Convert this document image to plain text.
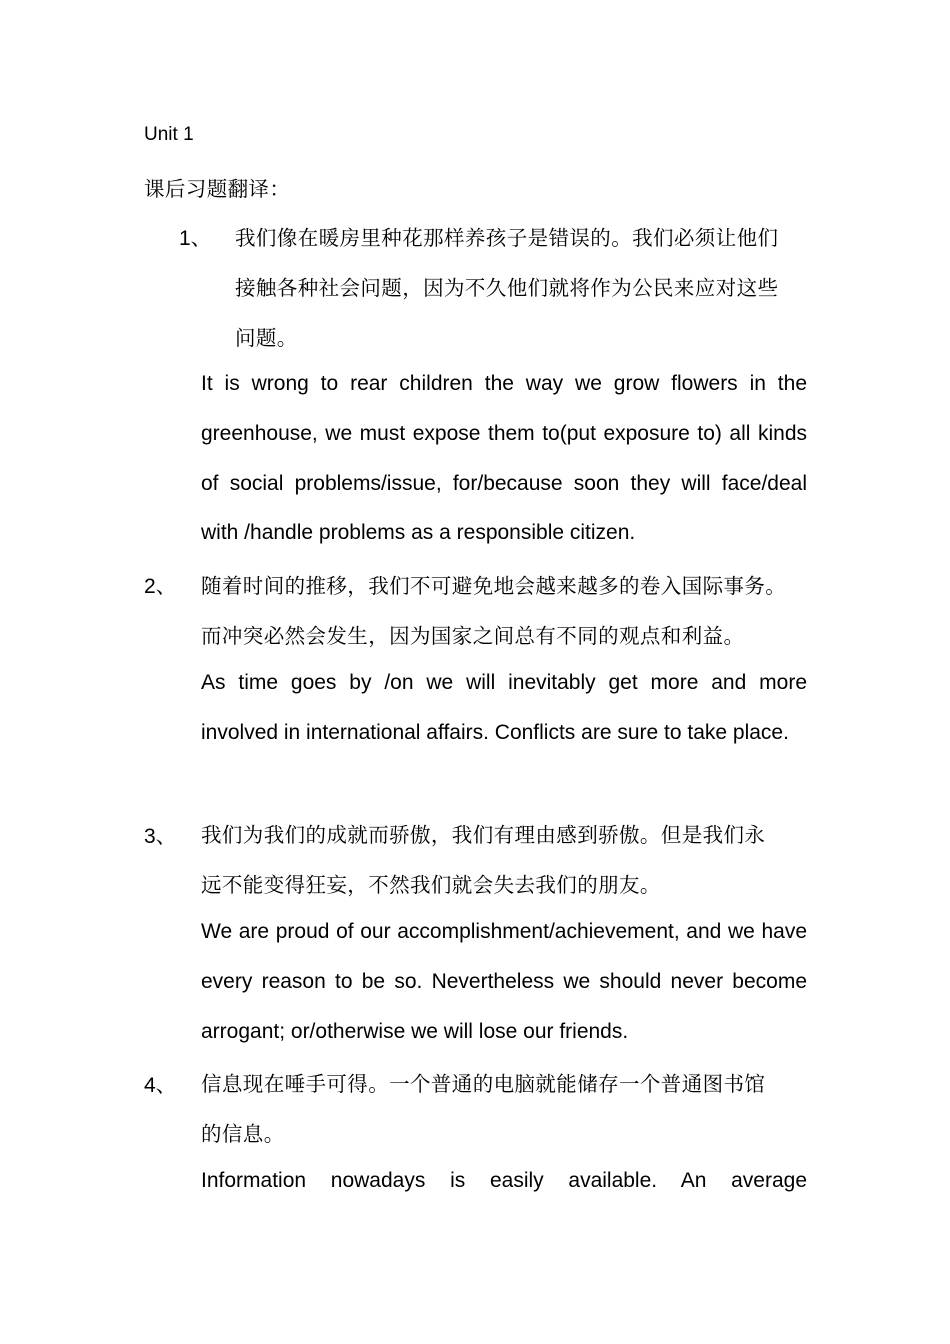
Unit 1

课后习题翻译：

1、 我们像在暖房里种花那样养孩子是错误的。我们必须让他们

接触各种社会问题，因为不久他们就将作为公民来应对这些

问题。

It is wrong to rear children the way we grow flowers in the greenhouse, we must expose them to(put exposure to) all kinds of social problems/issue, for/because soon they will face/deal with /handle problems as a responsible citizen.

2、 随着时间的推移，我们不可避免地会越来越多的卷入国际事务。

而冲突必然会发生，因为国家之间总有不同的观点和利益。

As time goes by /on we will inevitably get more and more involved in international affairs. Conflicts are sure to take place.

3、 我们为我们的成就而骄傲，我们有理由感到骄傲。但是我们永

远不能变得狂妄，不然我们就会失去我们的朋友。

We are proud of our accomplishment/achievement, and we have every reason to be so. Nevertheless we should never become arrogant; or/otherwise we will lose our friends.

4、 信息现在唾手可得。一个普通的电脑就能储存一个普通图书馆

的信息。

Information nowadays is easily available. An average
